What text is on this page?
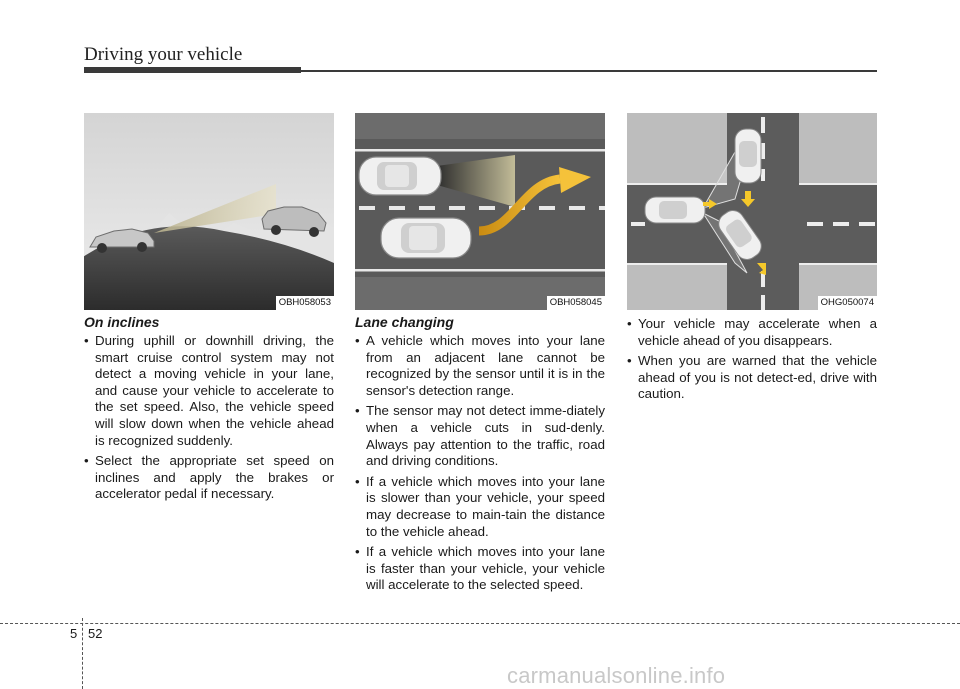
Driving your vehicle
OBH058053	OBH058045	OHG050074
On inclines
• During uphill or downhill driving, the smart cruise control system may not detect a moving vehicle in your lane, and cause your vehicle to accelerate to the set speed. Also, the vehicle speed will slow down when the vehicle ahead is recognized suddenly.
• Select the appropriate set speed on inclines and apply the brakes or accelerator pedal if necessary.
Lane changing
• A vehicle which moves into your lane from an adjacent lane cannot be recognized by the sensor until it is in the sensor's detection range.
• The sensor may not detect imme-diately when a vehicle cuts in sud-denly. Always pay attention to the traffic, road and driving conditions.
• If a vehicle which moves into your lane is slower than your vehicle, your speed may decrease to main-tain the distance to the vehicle ahead.
• If a vehicle which moves into your lane is faster than your vehicle, your vehicle will accelerate to the selected speed.
• Your vehicle may accelerate when a vehicle ahead of you disappears.
• When you are warned that the vehicle ahead of you is not detect-ed, drive with caution.
5 52
carmanualsonline.info
